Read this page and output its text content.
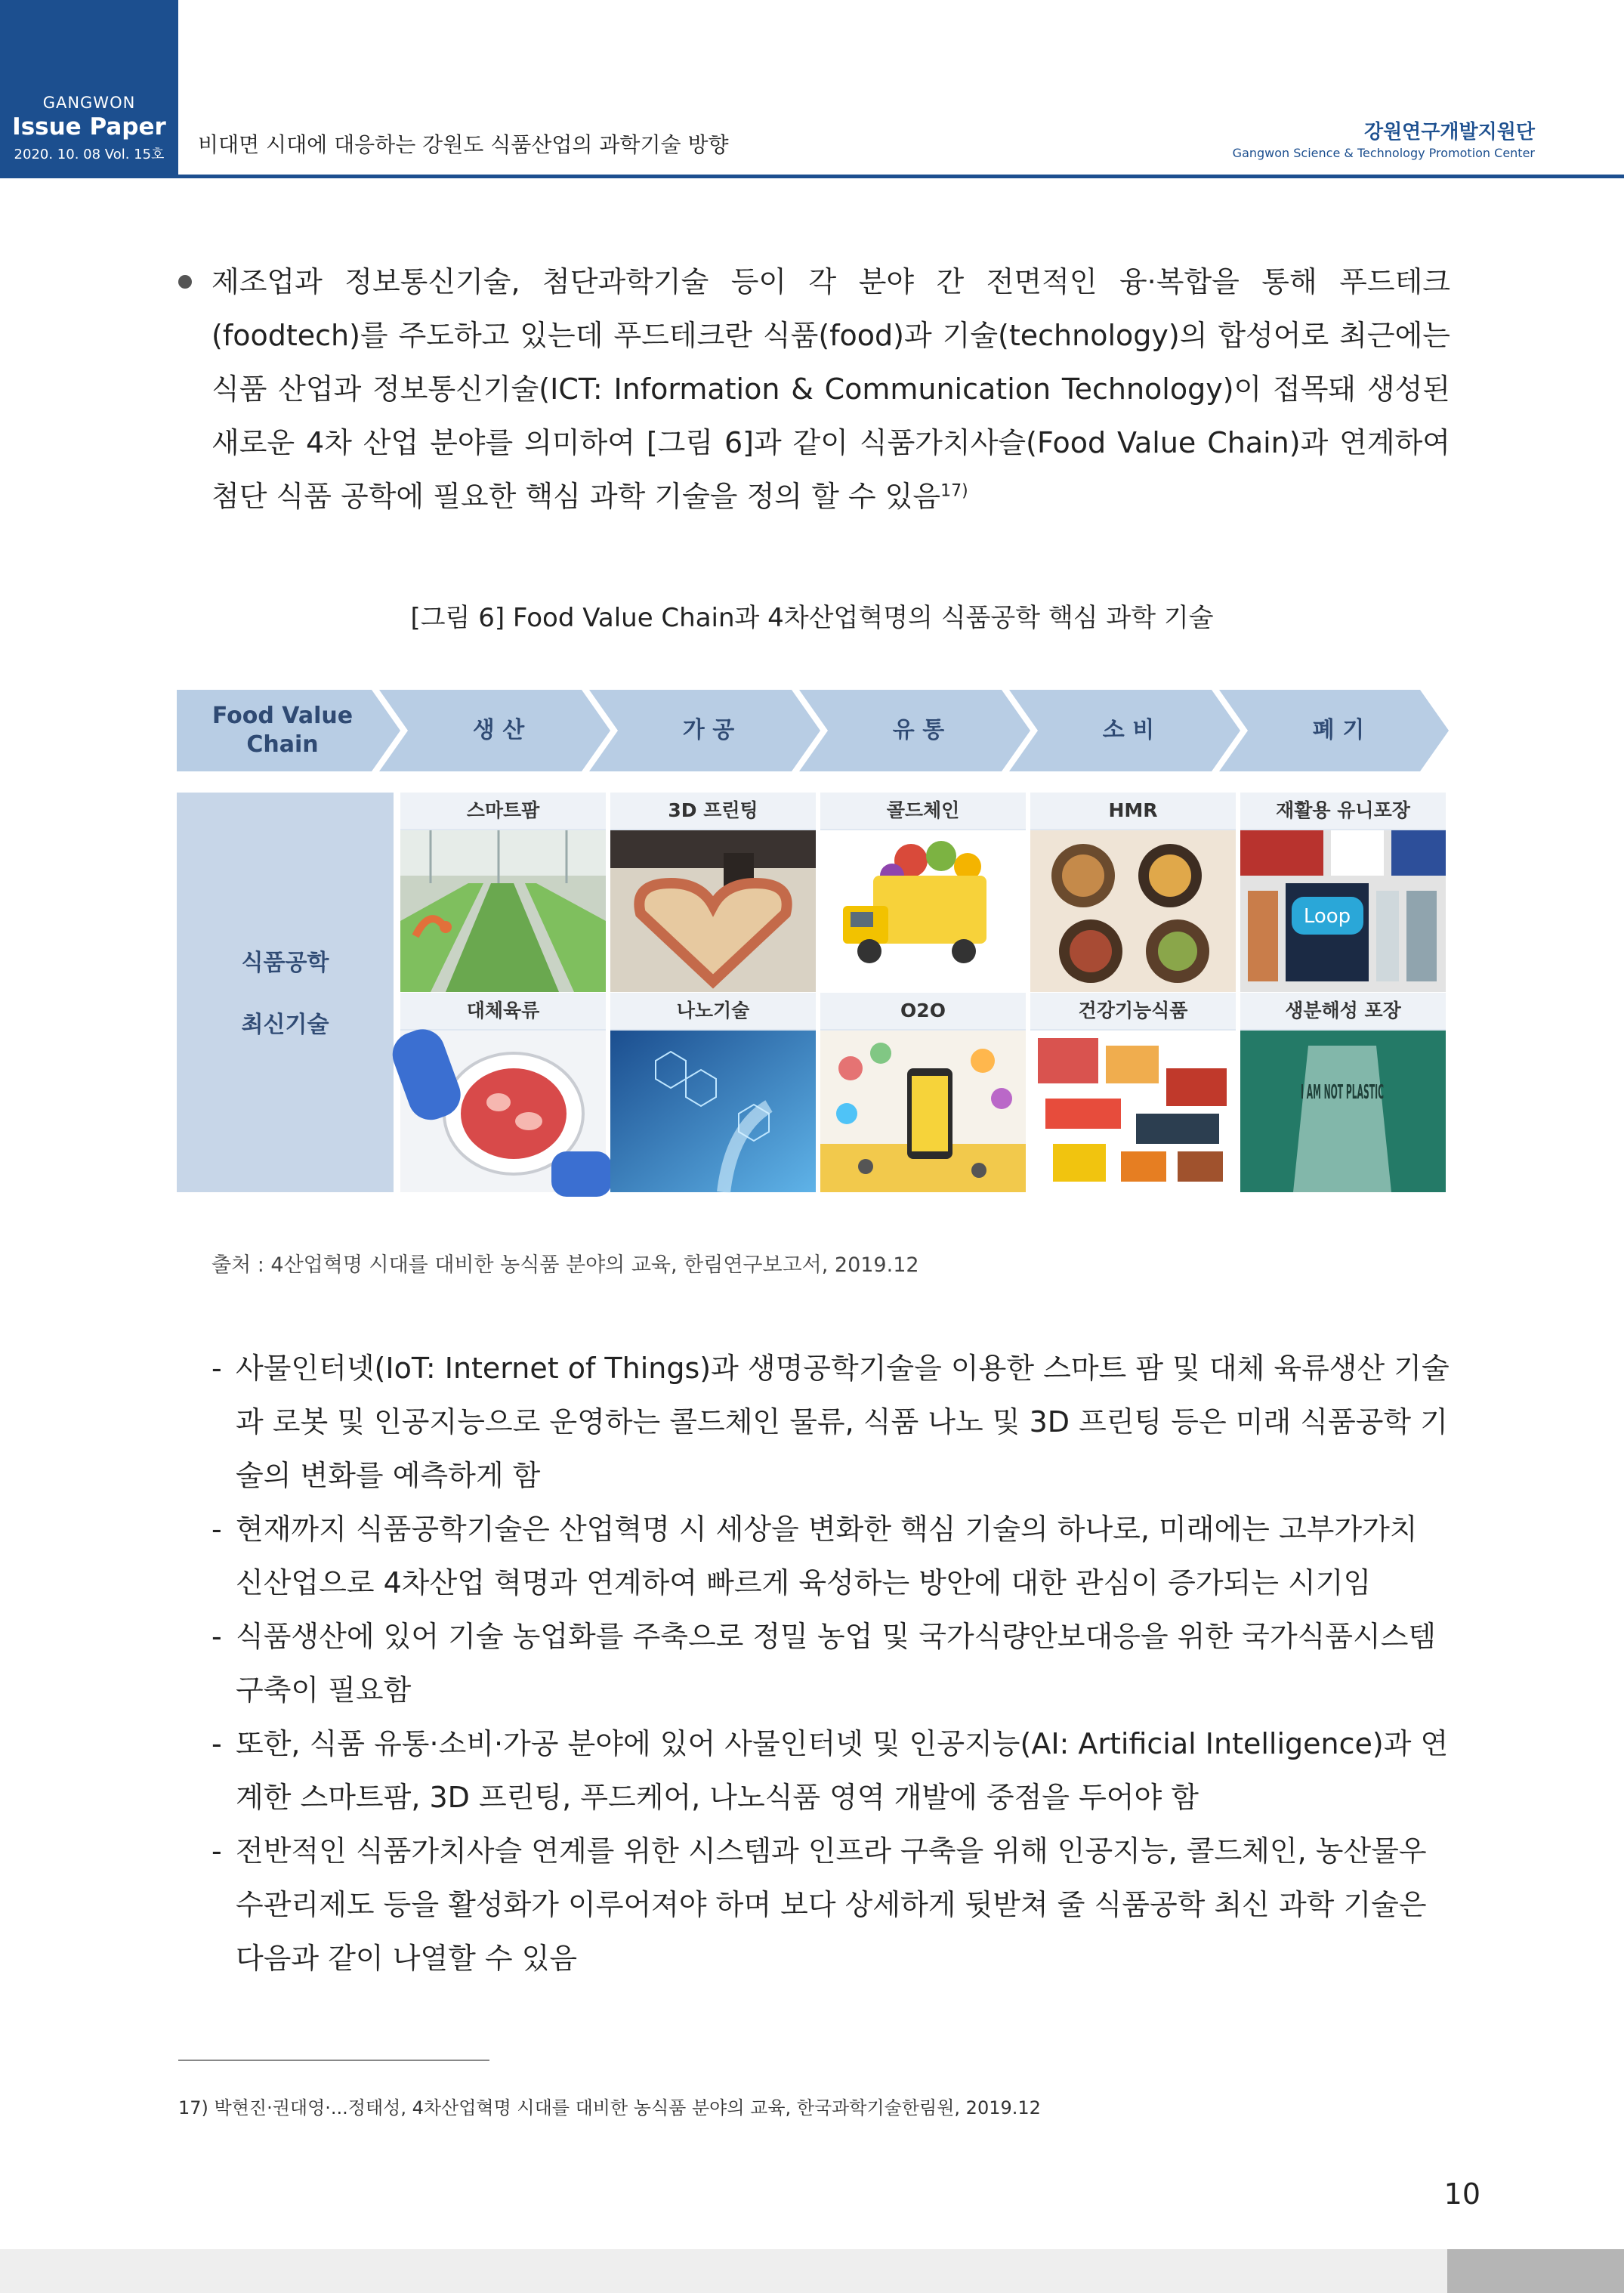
GANGWON
Issue Paper
2020. 10. 08 Vol. 15호	비대면 시대에 대응하는 강원도 식품산업의 과학기술 방향	강원연구개발지원단
Gangwon Science & Technology Promotion Center
제조업과 정보통신기술, 첨단과학기술 등이 각 분야 간 전면적인 융·복합을 통해 푸드테크(foodtech)를 주도하고 있는데 푸드테크란 식품(food)과 기술(technology)의 합성어로 최근에는 식품 산업과 정보통신기술(ICT: Information & Communication Technology)이 접목돼 생성된 새로운 4차 산업 분야를 의미하여 [그림 6]과 같이 식품가치사슬(Food Value Chain)과 연계하여 첨단 식품 공학에 필요한 핵심 과학 기술을 정의 할 수 있음$^{17)}$
[그림 6] Food Value Chain과 4차산업혁명의 식품공학 핵심 과학 기술
Food Value Chain
생 산	가 공	유 통	소 비	폐 기
식품공학
최신기술
스마트팜	3D 프린팅	콜드체인	HMR	재활용 유니포장
Loop
대체육류	나노기술	O2O	건강기능식품	생분해성 포장
I AM NOT PLASTIC
출처 : 4산업혁명 시대를 대비한 농식품 분야의 교육, 한림연구보고서, 2019.12
- 사물인터넷(IoT: Internet of Things)과 생명공학기술을 이용한 스마트 팜 및 대체 육류생산 기술과 로봇 및 인공지능으로 운영하는 콜드체인 물류, 식품 나노 및 3D 프린팅 등은 미래 식품공학 기술의 변화를 예측하게 함
- 현재까지 식품공학기술은 산업혁명 시 세상을 변화한 핵심 기술의 하나로, 미래에는 고부가가치 신산업으로 4차산업 혁명과 연계하여 빠르게 육성하는 방안에 대한 관심이 증가되는 시기임
- 식품생산에 있어 기술 농업화를 주축으로 정밀 농업 및 국가식량안보대응을 위한 국가식품시스템 구축이 필요함
- 또한, 식품 유통·소비·가공 분야에 있어 사물인터넷 및 인공지능(AI: Artificial Intelligence)과 연계한 스마트팜, 3D 프린팅, 푸드케어, 나노식품 영역 개발에 중점을 두어야 함
- 전반적인 식품가치사슬 연계를 위한 시스템과 인프라 구축을 위해 인공지능, 콜드체인, 농산물우수관리제도 등을 활성화가 이루어져야 하며 보다 상세하게 뒷받쳐 줄 식품공학 최신 과학 기술은 다음과 같이 나열할 수 있음
17) 박현진·권대영·...정태성, 4차산업혁명 시대를 대비한 농식품 분야의 교육, 한국과학기술한림원, 2019.12
10
